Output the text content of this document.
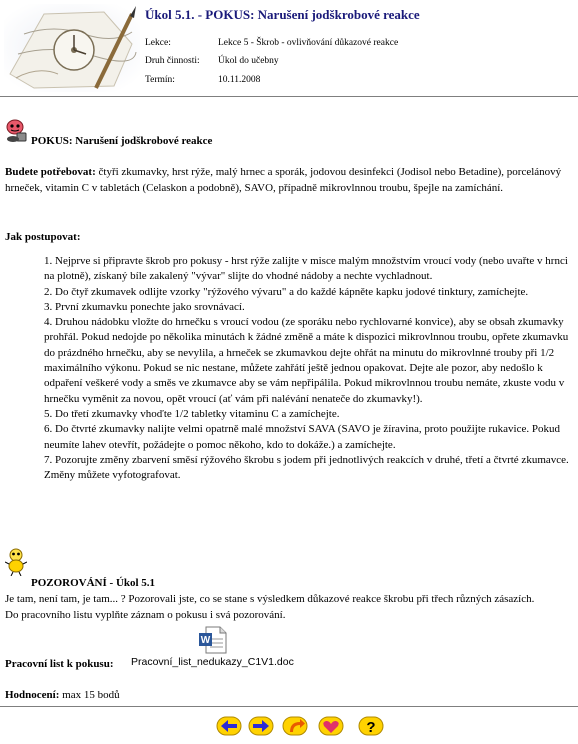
Úkol 5.1. - POKUS: Narušení jodškrobové reakce
Lekce:	Lekce 5 - Škrob - ovlivňování důkazové reakce
Druh činnosti: Úkol do učebny
Termín:	10.11.2008
POKUS: Narušení jodškrobové reakce
Budete potřebovat: čtyři zkumavky, hrst rýže, malý hrnec a sporák, jodovou desinfekci (Jodisol nebo Betadine), porcelánový hrneček, vitamin C v tabletách (Celaskon a podobně), SAVO, případně mikrovlnnou troubu, špejle na zamíchání.
Jak postupovat:

1. Nejprve si připravte škrob pro pokusy - hrst rýže zalijte v misce malým množstvím vroucí vody (nebo uvařte v hrnci na plotně), získaný bíle zakalený "vývar" slijte do vhodné nádoby a nechte vychladnout.

2. Do čtyř zkumavek odlijte vzorky "rýžového vývaru" a do každé kápněte kapku jodové tinktury, zamíchejte.

3. První zkumavku ponechte jako srovnávací.

4. Druhou nádobku vložte do hrnečku s vroucí vodou (ze sporáku nebo rychlovarné konvice), aby se obsah zkumavky prohřál. Pokud nedojde po několika minutách k žádné změně a máte k dispozici mikrovlnnou troubu, opřete zkumavku do prázdného hrnečku, aby se nevylila, a hrneček se zkumavkou dejte ohřát na minutu do mikrovlnné trouby při 1/2 maximálního výkonu. Pokud se nic nestane, můžete zahřátí ještě jednou opakovat. Dejte ale pozor, aby nedošlo k odpaření veškeré vody a směs ve zkumavce aby se vám nepřipálila. Pokud mikrovlnnou troubu nemáte, zkuste vodu v hrnečku vyměnit za novou, opět vroucí (ať vám při nalévání nenateče do zkumavky!).

5. Do třetí zkumavky vhoďte 1/2 tabletky vitaminu C a zamíchejte.

6. Do čtvrté zkumavky nalijte velmi opatrně malé množství SAVA (SAVO je žíravina, proto použijte rukavice. Pokud neumíte lahev otevřít, požádejte o pomoc někoho, kdo to dokáže.) a zamíchejte.

7. Pozorujte změny zbarvení směsí rýžového škrobu s jodem při jednotlivých reakcích v druhé, třetí a čtvrté zkumavce. Změny můžete vyfotografovat.

POZOROVÁNÍ - Úkol 5.1
Je tam, není tam, je tam... ? Pozorovali jste, co se stane s výsledkem důkazové reakce škrobu při třech různých zásazích. Do pracovního listu vyplňte záznam o pokusu i svá pozorování.
W
Pracovní list k pokusu:	Pracovní_list_nedukazy_C1V1.doc
Hodnocení: max 15 bodů
?
